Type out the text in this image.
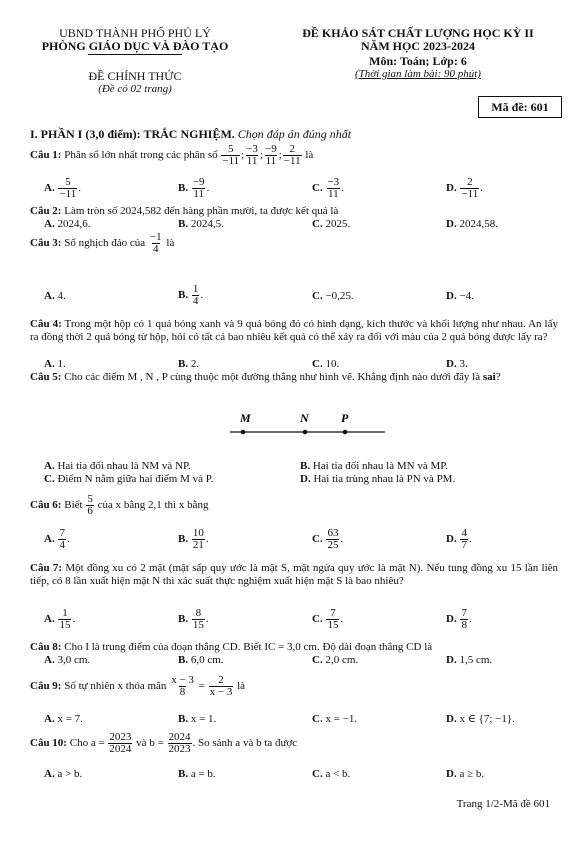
UBND THÀNH PHỐ PHỦ LÝ
PHÒNG GIÁO DỤC VÀ ĐÀO TẠO
ĐỀ CHÍNH THỨC
(Đề có 02 trang)
ĐỀ KHẢO SÁT CHẤT LƯỢNG HỌC KỲ II
NĂM HỌC 2023-2024
Môn: Toán; Lớp: 6
(Thời gian làm bài: 90 phút)
Mã đề: 601
I. PHẦN I (3,0 điểm): TRẮC NGHIỆM. Chọn đáp án đúng nhất
Câu 1: Phân số lớn nhất trong các phân số $\frac{5}{-11}$ ; $\frac{-3}{11}$ ; $\frac{-9}{11}$ ; $\frac{2}{-11}$ là
A. $\frac{5}{-11}$ .	B. $\frac{-9}{11}$ .	C. $\frac{-3}{11}$ .	D. $\frac{2}{-11}$ .
Câu 2: Làm tròn số 2024,582 đến hàng phần mười, ta được kết quả là
A. 2024,6.	B. 2024,5.	C. 2025.	D. 2024,58.
Câu 3: Số nghịch đảo của $\frac{-1}{4}$ là
A. 4.	B. $\frac{1}{4}$ .	C. −0,25.	D. −4.
Câu 4: Trong một hộp có 1 quả bóng xanh và 9 quả bóng đỏ có hình dạng, kích thước và khối lượng như nhau. An lấy ra đồng thời 2 quả bóng từ hộp, hỏi có tất cả bao nhiêu kết quả có thể xảy ra đối với màu của 2 quả bóng được lấy ra?
A. 1.	B. 2.	C. 10.	D. 3.
Câu 5: Cho các điểm M , N , P cùng thuộc một đường thẳng như hình vẽ. Khẳng định nào dưới đây là sai?
M	N	P
A. Hai tia đối nhau là NM và NP.	B. Hai tia đối nhau là MN và MP.
C. Điểm N nằm giữa hai điểm M và P.	D. Hai tia trùng nhau là PN và PM.
Câu 6: Biết $\frac{5}{6}$ của x bằng 2,1 thì x bằng
A. $\frac{7}{4}$ .	B. $\frac{10}{21}$ .	C. $\frac{63}{25}$ .	D. $\frac{4}{7}$ .
Câu 7: Một đồng xu có 2 mặt (mặt sấp quy ước là mặt S, mặt ngửa quy ước là mặt N). Nếu tung đồng xu 15 lần liên tiếp, có 8 lần xuất hiện mặt N thì xác suất thực nghiệm xuất hiện mặt S là bao nhiêu?
A. $\frac{1}{15}$ .	B. $\frac{8}{15}$ .	C. $\frac{7}{15}$ .	D. $\frac{7}{8}$ .
Câu 8: Cho I là trung điểm của đoạn thẳng CD. Biết IC = 3,0 cm. Độ dài đoạn thẳng CD là
A. 3,0 cm.	B. 6,0 cm.	C. 2,0 cm.	D. 1,5 cm.
Câu 9: Số tự nhiên x thỏa mãn $\frac{x - 3}{8} = \frac{2}{x - 3}$ là
A. x = 7.	B. x = 1.	C. x = −1.	D. x ∈ {7; −1}.
Câu 10: Cho $a = \frac{2023}{2024}$ và $b = \frac{2024}{2023}$ . So sánh a và b ta được
A. a > b.	B. a = b.	C. a < b.	D. a ≥ b.
Trang 1/2-Mã đề 601
